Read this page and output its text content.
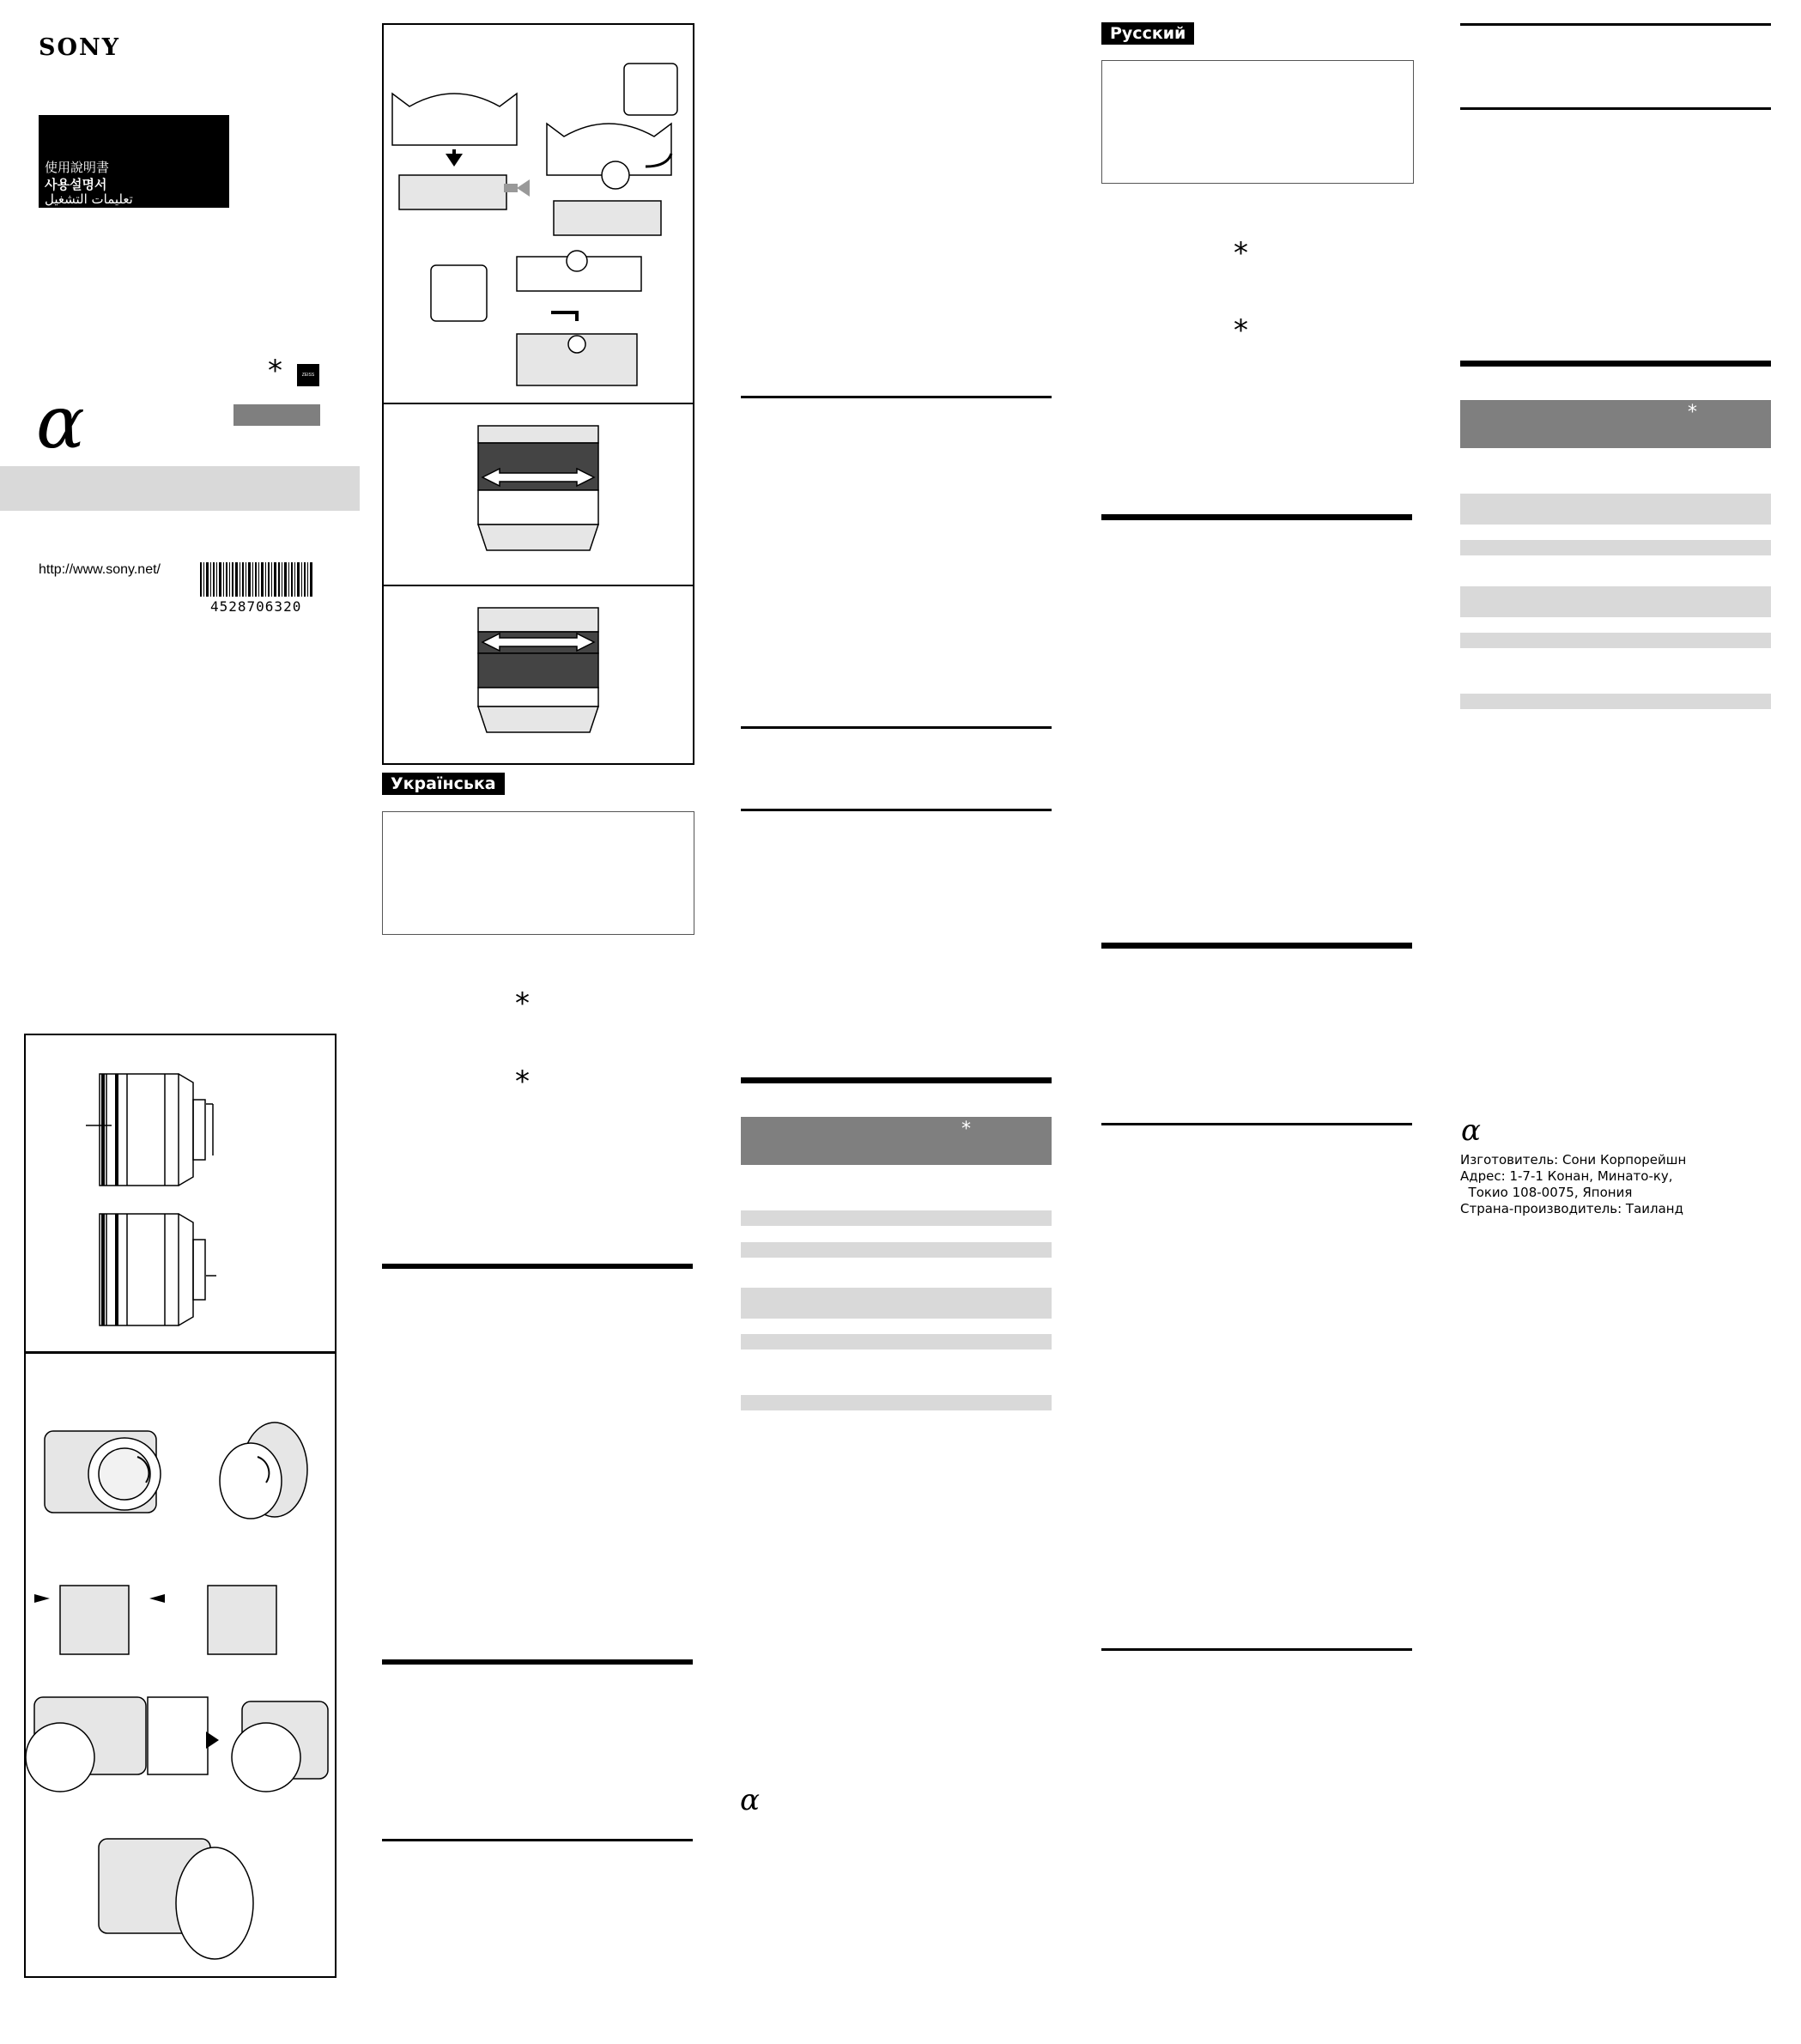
SONY
使用說明書
사용설명서
تعليمات التشغيل
*	ZEISS
α
http://www.sony.net/
4528706320
Українська
*
*
*
α
Русский
*
*
*
α
Изготовитель: Сони Корпорейшн
Адрес: 1-7-1 Конан, Минато-ку,
Токио 108-0075, Япония
Страна-производитель: Таиланд
